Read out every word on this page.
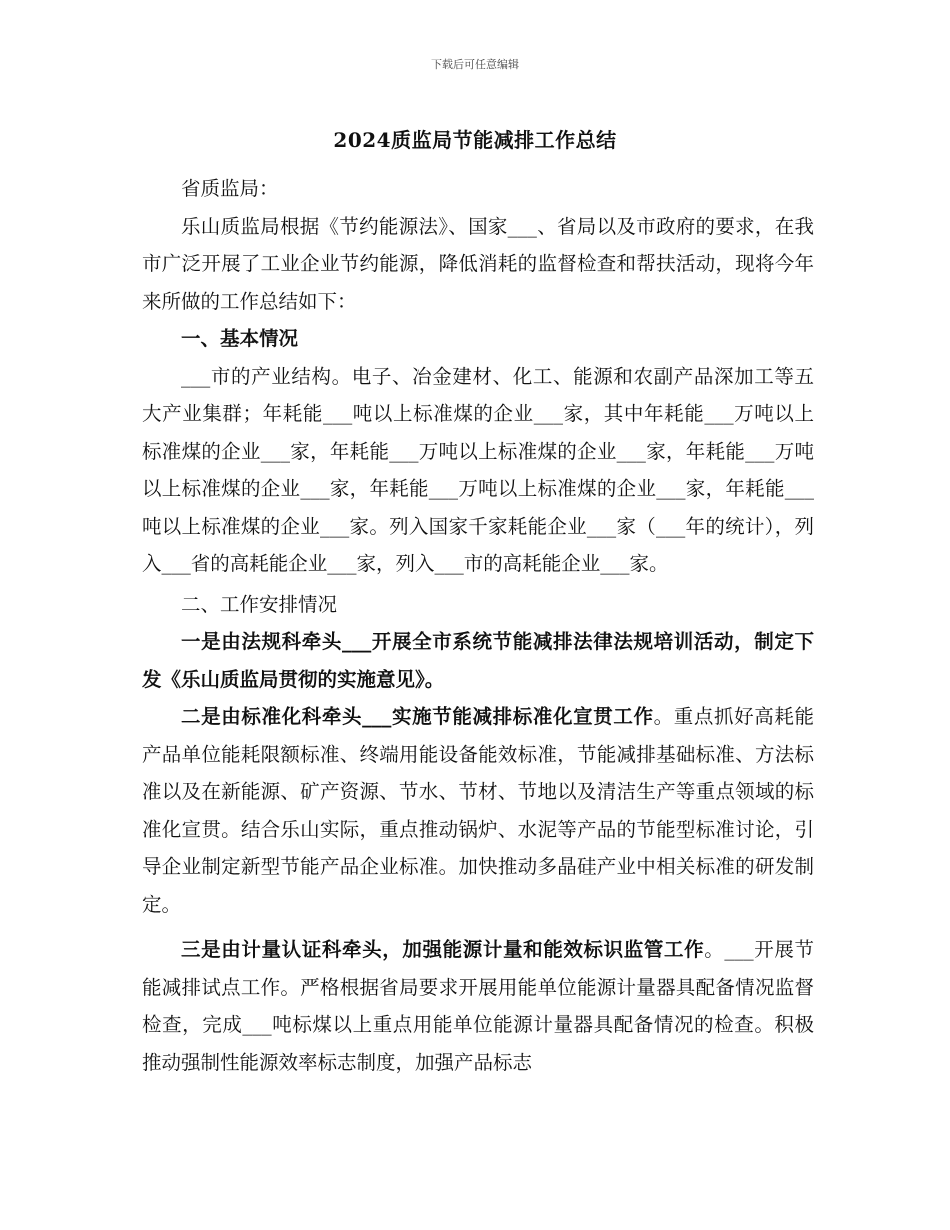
下载后可任意编辑
2024质监局节能减排工作总结

省质监局：

乐山质监局根据《节约能源法》、国家___、省局以及市政府的要求，在我市广泛开展了工业企业节约能源，降低消耗的监督检查和帮扶活动，现将今年来所做的工作总结如下：

一、基本情况

___市的产业结构。电子、冶金建材、化工、能源和农副产品深加工等五大产业集群；年耗能___吨以上标准煤的企业___家，其中年耗能___万吨以上标准煤的企业___家，年耗能___万吨以上标准煤的企业___家，年耗能___万吨以上标准煤的企业___家，年耗能___万吨以上标准煤的企业___家，年耗能___吨以上标准煤的企业___家。列入国家千家耗能企业___家（___年的统计），列入___省的高耗能企业___家，列入___市的高耗能企业___家。

二、工作安排情况

一是由法规科牵头___开展全市系统节能减排法律法规培训活动，制定下发《乐山质监局贯彻的实施意见》。

二是由标准化科牵头___实施节能减排标准化宣贯工作。重点抓好高耗能产品单位能耗限额标准、终端用能设备能效标准，节能减排基础标准、方法标准以及在新能源、矿产资源、节水、节材、节地以及清洁生产等重点领域的标准化宣贯。结合乐山实际，重点推动锅炉、水泥等产品的节能型标准讨论，引导企业制定新型节能产品企业标准。加快推动多晶硅产业中相关标准的研发制定。

三是由计量认证科牵头，加强能源计量和能效标识监管工作。___开展节能减排试点工作。严格根据省局要求开展用能单位能源计量器具配备情况监督检查，完成___吨标煤以上重点用能单位能源计量器具配备情况的检查。积极推动强制性能源效率标志制度，加强产品标志
